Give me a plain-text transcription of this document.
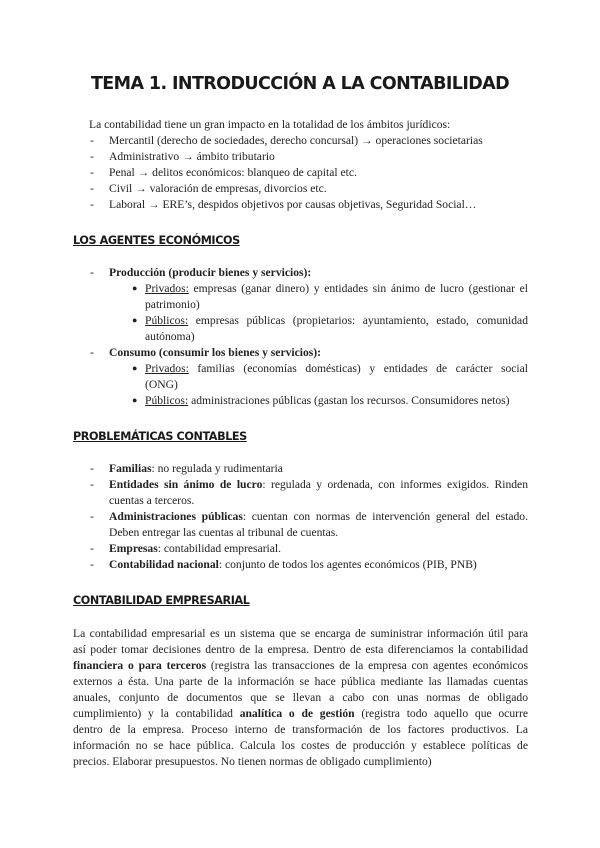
TEMA 1. INTRODUCCIÓN A LA CONTABILIDAD
La contabilidad tiene un gran impacto en la totalidad de los ámbitos jurídicos:
- Mercantil (derecho de sociedades, derecho concursal) → operaciones societarias
- Administrativo → ámbito tributario
- Penal → delitos económicos: blanqueo de capital etc.
- Civil → valoración de empresas, divorcios etc.
- Laboral → ERE’s, despidos objetivos por causas objetivas, Seguridad Social…
LOS AGENTES ECONÓMICOS
- Producción (producir bienes y servicios):
● Privados: empresas (ganar dinero) y entidades sin ánimo de lucro (gestionar el
patrimonio)
● Públicos: empresas públicas (propietarios: ayuntamiento, estado, comunidad
autónoma)
- Consumo (consumir los bienes y servicios):
● Privados: familias (economías domésticas) y entidades de carácter social
(ONG)
● Públicos: administraciones públicas (gastan los recursos. Consumidores netos)
PROBLEMÁTICAS CONTABLES
- Familias: no regulada y rudimentaria
- Entidades sin ánimo de lucro: regulada y ordenada, con informes exigidos. Rinden
cuentas a terceros.
- Administraciones públicas: cuentan con normas de intervención general del estado.
Deben entregar las cuentas al tribunal de cuentas.
- Empresas: contabilidad empresarial.
- Contabilidad nacional: conjunto de todos los agentes económicos (PIB, PNB)
CONTABILIDAD EMPRESARIAL
La contabilidad empresarial es un sistema que se encarga de suministrar información útil para
así poder tomar decisiones dentro de la empresa. Dentro de esta diferenciamos la contabilidad
financiera o para terceros (registra las transacciones de la empresa con agentes económicos
externos a ésta. Una parte de la información se hace pública mediante las llamadas cuentas
anuales, conjunto de documentos que se llevan a cabo con unas normas de obligado
cumplimiento) y la contabilidad analítica o de gestión (registra todo aquello que ocurre
dentro de la empresa. Proceso interno de transformación de los factores productivos. La
información no se hace pública. Calcula los costes de producción y establece políticas de
precios. Elaborar presupuestos. No tienen normas de obligado cumplimiento)
